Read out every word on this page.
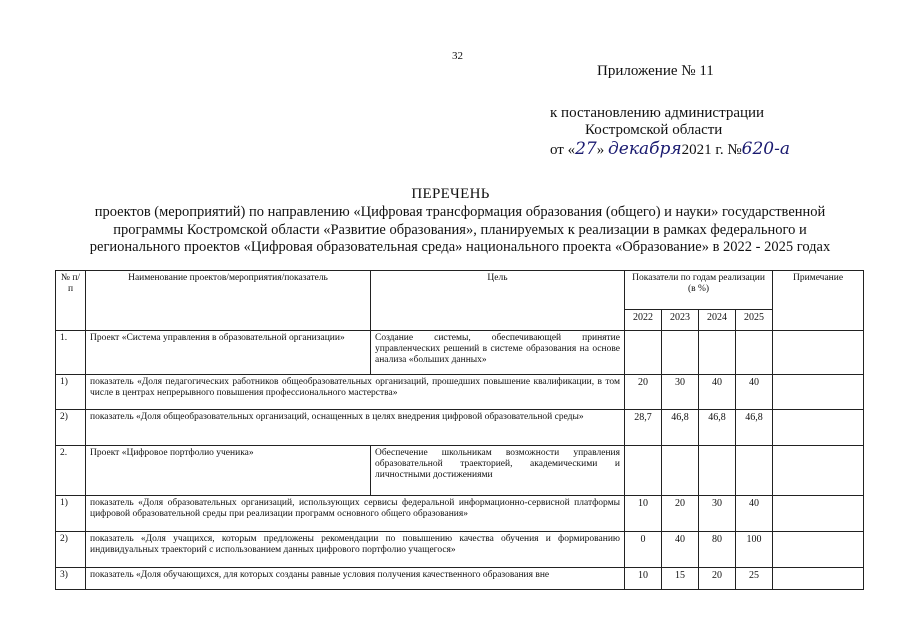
32
Приложение № 11
к постановлению администрации
Костромской области
от «27» декабря2021 г. №620-а
ПЕРЕЧЕНЬ
проектов (мероприятий) по направлению «Цифровая трансформация образования (общего) и науки» государственной программы Костромской области «Развитие образования», планируемых к реализации в рамках федерального и регионального проектов «Цифровая образовательная среда» национального проекта «Образование» в 2022 - 2025 годах
№ п/п	Наименование проектов/мероприятия/показатель	Цель	Показатели по годам реализации (в %)				Примечание
			2022	2023	2024	2025	
1.	Проект «Система управления в образовательной организации»	Создание системы, обеспечивающей принятие управленческих решений в системе образования на основе анализа «больших данных»					
1)	показатель «Доля педагогических работников общеобразовательных организаций, прошедших повышение квалификации, в том числе в центрах непрерывного повышения профессионального мастерства»		20	30	40	40	
2)	показатель «Доля общеобразовательных организаций, оснащенных в целях внедрения цифровой образовательной среды»		28,7	46,8	46,8	46,8	
2.	Проект «Цифровое портфолио ученика»	Обеспечение школьникам возможности управления образовательной траекторией, академическими и личностными достижениями					
1)	показатель «Доля образовательных организаций, использующих сервисы федеральной информационно-сервисной платформы цифровой образовательной среды при реализации программ основного общего образования»		10	20	30	40	
2)	показатель «Доля учащихся, которым предложены рекомендации по повышению качества обучения и формированию индивидуальных траекторий с использованием данных цифрового портфолио учащегося»		0	40	80	100	
3)	показатель «Доля обучающихся, для которых созданы равные условия получения качественного образования вне		10	15	20	25	
